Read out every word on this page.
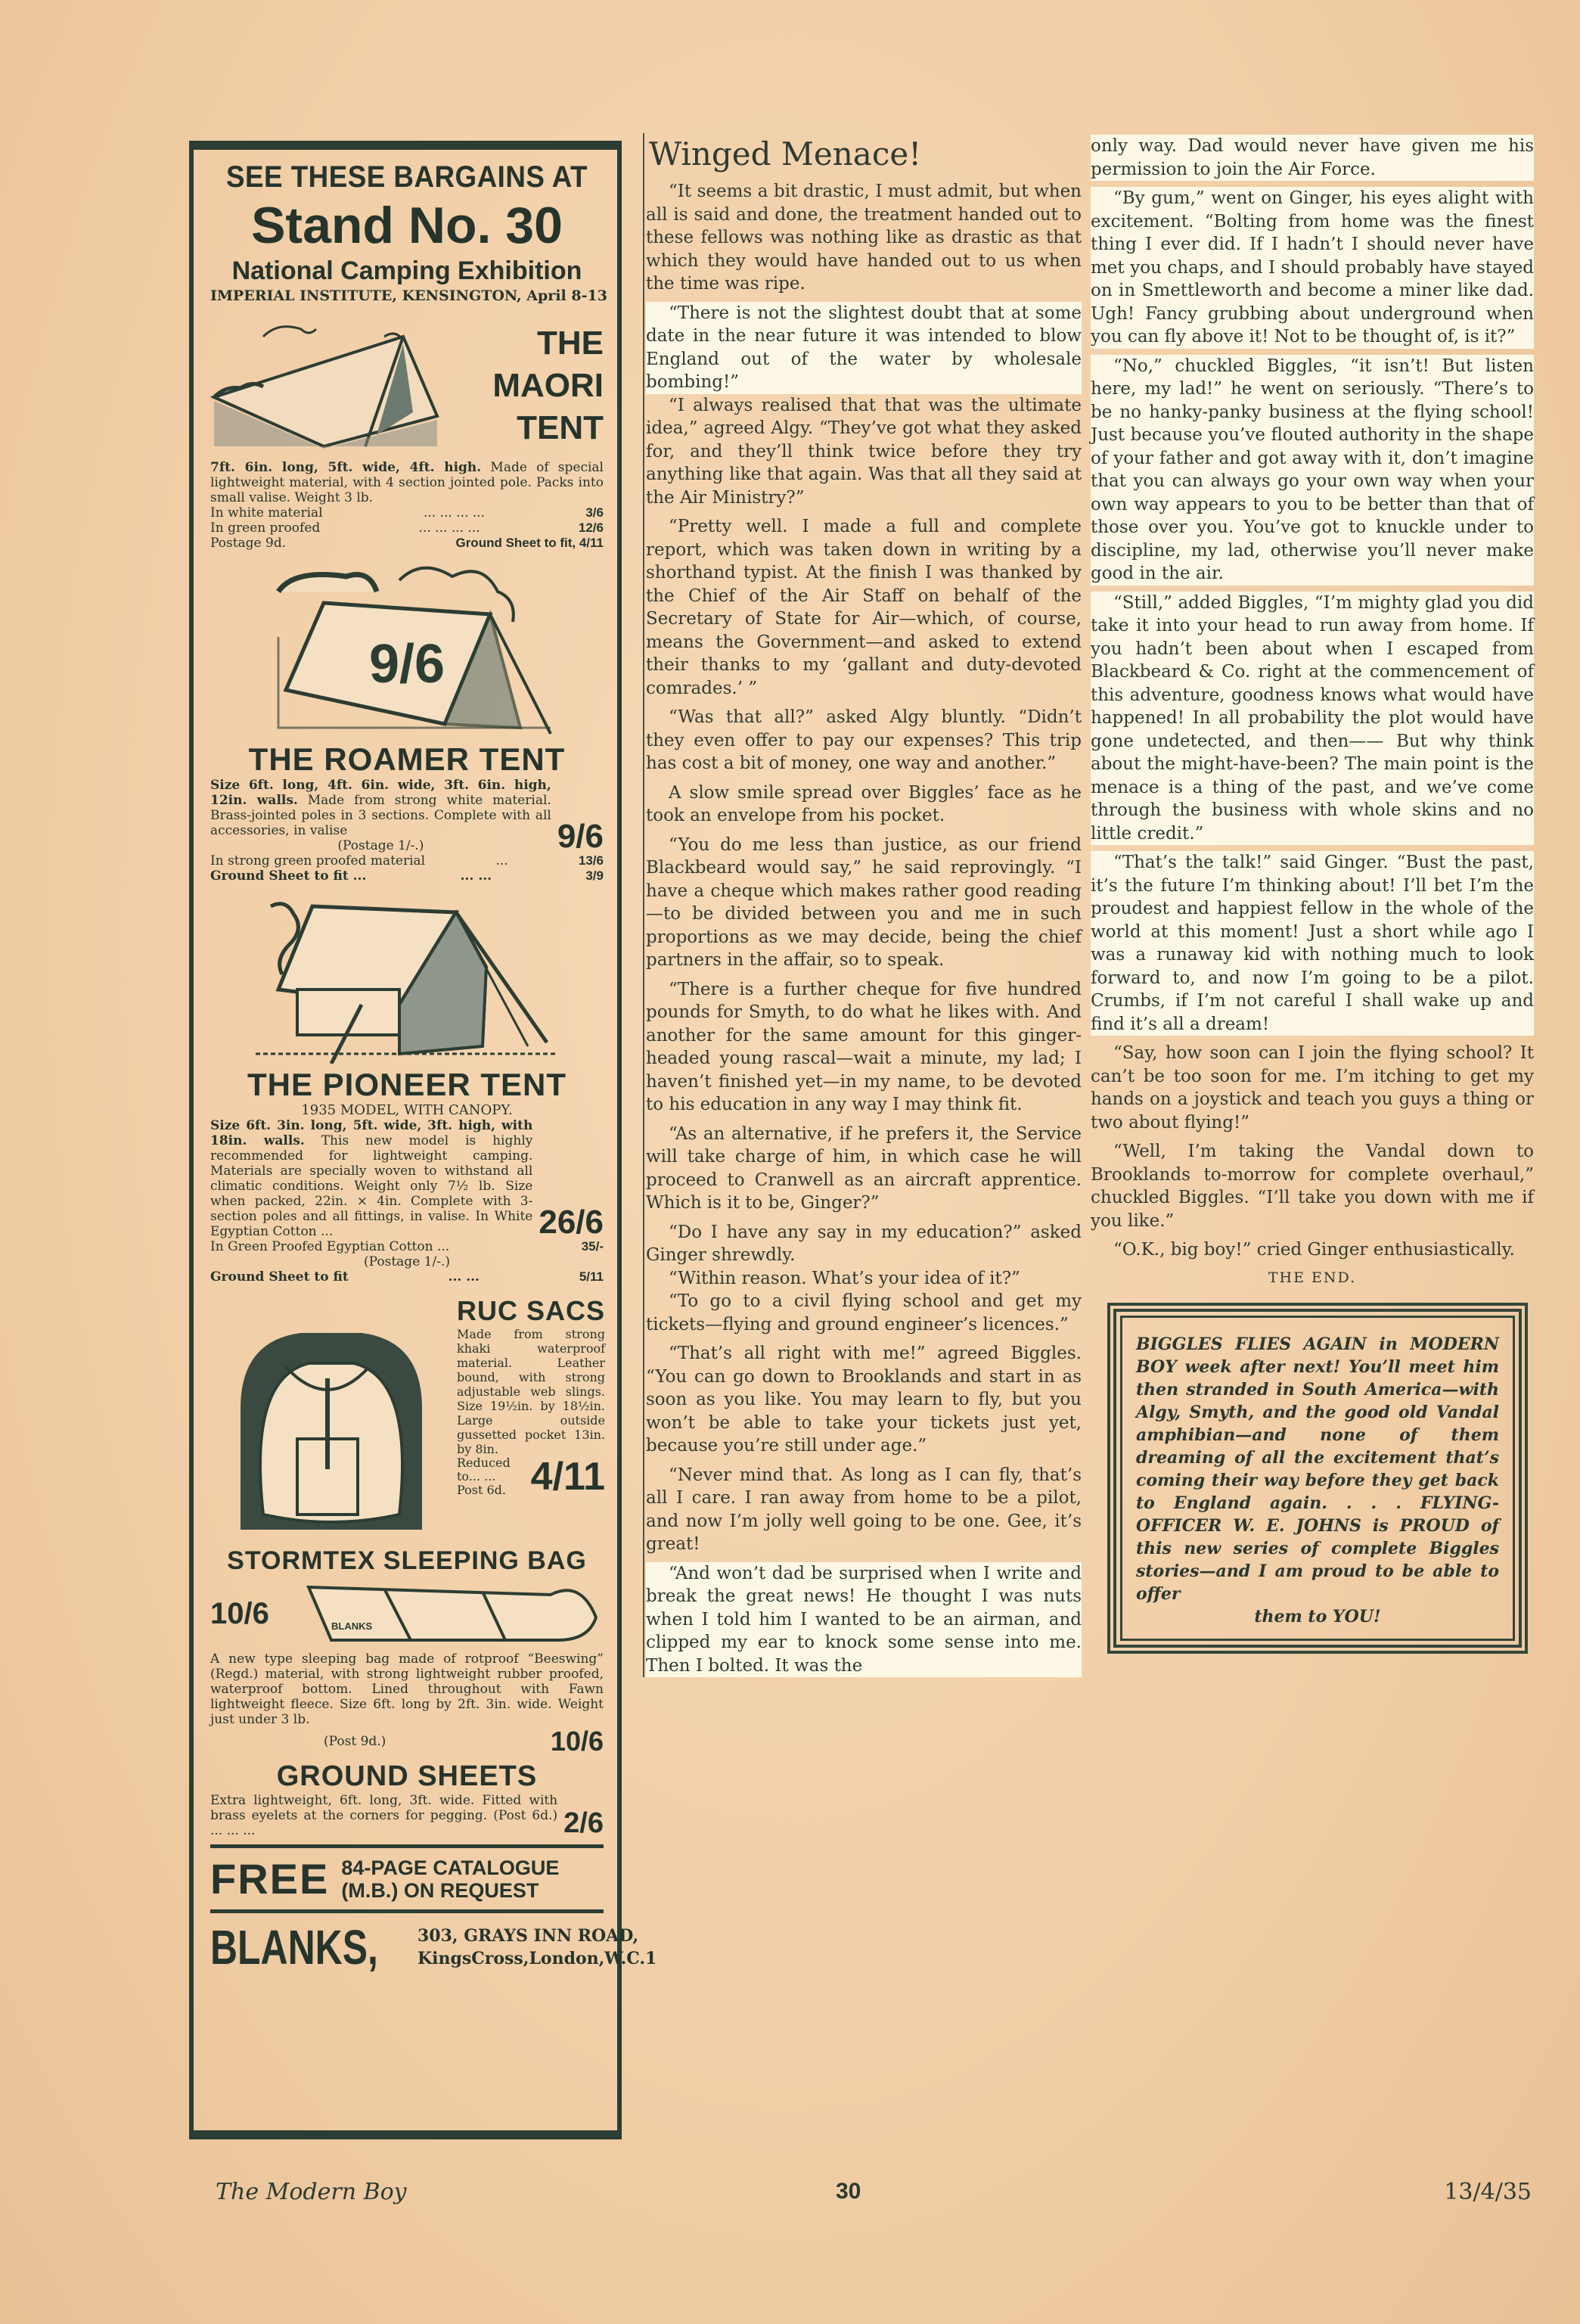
SEE THESE BARGAINS AT
Stand No. 30
National Camping Exhibition
IMPERIAL INSTITUTE, KENSINGTON, April 8-13
THE
MAORI
TENT
7ft. 6in. long, 5ft. wide, 4ft. high. Made of special lightweight material, with 4 section jointed pole. Packs into small valise. Weight 3 lb.
In white material	... ... ... ...	3/6
In green proofed	... ... ... ...	12/6
Postage 9d.	Ground Sheet to fit, 4/11
9/6
THE ROAMER TENT
Size 6ft. long, 4ft. 6in. wide, 3ft. 6in. high, 12in. walls. Made from strong white material. Brass-jointed poles in 3 sections. Complete with all accessories, in valise
(Postage 1/-.)	9/6
In strong green proofed material	...	13/6
Ground Sheet to fit ...	... ...	3/9
THE PIONEER TENT
1935 MODEL, WITH CANOPY.
Size 6ft. 3in. long, 5ft. wide, 3ft. high, with 18in. walls. This new model is highly recommended for lightweight camping. Materials are specially woven to withstand all climatic conditions. Weight only 7½ lb. Size when packed, 22in. × 4in. Complete with 3-section poles and all fittings, in valise. In White Egyptian Cotton ...	26/6
In Green Proofed Egyptian Cotton ...	35/-
(Postage 1/-.)
Ground Sheet to fit	... ...	5/11
RUC SACS
Made from strong khaki waterproof material. Leather bound, with strong adjustable web slings. Size 19½in. by 18½in. Large outside gussetted pocket 13in. by 8in.
Reduced to... ...
Post 6d. 4/11
STORMTEX SLEEPING BAG
10/6	BLANKS
A new type sleeping bag made of rotproof “Beeswing” (Regd.) material, with strong lightweight rubber proofed, waterproof bottom. Lined throughout with Fawn lightweight fleece. Size 6ft. long by 2ft. 3in. wide. Weight just under 3 lb.
(Post 9d.)	10/6
GROUND SHEETS
Extra lightweight, 6ft. long, 3ft. wide. Fitted with brass eyelets at the corners for pegging. (Post 6d.) ... ... ...	2/6
FREE 84-PAGE CATALOGUE
(M.B.) ON REQUEST
BLANKS, 303, GRAYS INN ROAD,
KingsCross,London,W.C.1
Winged Menace!

“It seems a bit drastic, I must admit, but when all is said and done, the treatment handed out to these fellows was nothing like as drastic as that which they would have handed out to us when the time was ripe.

“There is not the slightest doubt that at some date in the near future it was intended to blow England out of the water by wholesale bombing!”

“I always realised that that was the ultimate idea,” agreed Algy. “They’ve got what they asked for, and they’ll think twice before they try anything like that again. Was that all they said at the Air Ministry?”

“Pretty well. I made a full and complete report, which was taken down in writing by a shorthand typist. At the finish I was thanked by the Chief of the Air Staff on behalf of the Secretary of State for Air—which, of course, means the Government—and asked to extend their thanks to my ‘gallant and duty-devoted comrades.’ ”

“Was that all?” asked Algy bluntly. “Didn’t they even offer to pay our expenses? This trip has cost a bit of money, one way and another.”

A slow smile spread over Biggles’ face as he took an envelope from his pocket.

“You do me less than justice, as our friend Blackbeard would say,” he said reprovingly. “I have a cheque which makes rather good reading—to be divided between you and me in such proportions as we may decide, being the chief partners in the affair, so to speak.

“There is a further cheque for five hundred pounds for Smyth, to do what he likes with. And another for the same amount for this ginger-headed young rascal—wait a minute, my lad; I haven’t finished yet—in my name, to be devoted to his education in any way I may think fit.

“As an alternative, if he prefers it, the Service will take charge of him, in which case he will proceed to Cranwell as an aircraft apprentice. Which is it to be, Ginger?”

“Do I have any say in my education?” asked Ginger shrewdly.

“Within reason. What’s your idea of it?”

“To go to a civil flying school and get my tickets—flying and ground engineer’s licences.”

“That’s all right with me!” agreed Biggles. “You can go down to Brooklands and start in as soon as you like. You may learn to fly, but you won’t be able to take your tickets just yet, because you’re still under age.”

“Never mind that. As long as I can fly, that’s all I care. I ran away from home to be a pilot, and now I’m jolly well going to be one. Gee, it’s great!

“And won’t dad be surprised when I write and break the great news! He thought I was nuts when I told him I wanted to be an airman, and clipped my ear to knock some sense into me. Then I bolted. It was the

only way. Dad would never have given me his permission to join the Air Force.

“By gum,” went on Ginger, his eyes alight with excitement. “Bolting from home was the finest thing I ever did. If I hadn’t I should never have met you chaps, and I should probably have stayed on in Smettleworth and become a miner like dad. Ugh! Fancy grubbing about underground when you can fly above it! Not to be thought of, is it?”

“No,” chuckled Biggles, “it isn’t! But listen here, my lad!” he went on seriously. “There’s to be no hanky-panky business at the flying school! Just because you’ve flouted authority in the shape of your father and got away with it, don’t imagine that you can always go your own way when your own way appears to you to be better than that of those over you. You’ve got to knuckle under to discipline, my lad, otherwise you’ll never make good in the air.

“Still,” added Biggles, “I’m mighty glad you did take it into your head to run away from home. If you hadn’t been about when I escaped from Blackbeard & Co. right at the commencement of this adventure, goodness knows what would have happened! In all probability the plot would have gone undetected, and then—— But why think about the might-have-been? The main point is the menace is a thing of the past, and we’ve come through the business with whole skins and no little credit.”

“That’s the talk!” said Ginger. “Bust the past, it’s the future I’m thinking about! I’ll bet I’m the proudest and happiest fellow in the whole of the world at this moment! Just a short while ago I was a runaway kid with nothing much to look forward to, and now I’m going to be a pilot. Crumbs, if I’m not careful I shall wake up and find it’s all a dream!

“Say, how soon can I join the flying school? It can’t be too soon for me. I’m itching to get my hands on a joystick and teach you guys a thing or two about flying!”

“Well, I’m taking the Vandal down to Brooklands to-morrow for complete overhaul,” chuckled Biggles. “I’ll take you down with me if you like.”

“O.K., big boy!” cried Ginger enthusiastically.

THE END.
BIGGLES FLIES AGAIN in MODERN BOY week after next! You’ll meet him then stranded in South America—with Algy, Smyth, and the good old Vandal amphibian—and none of them dreaming of all the excitement that’s coming their way before they get back to England again. . . . FLYING-OFFICER W. E. JOHNS is PROUD of this new series of complete Biggles stories—and I am proud to be able to offer
them to YOU!
The Modern Boy	30	13/4/35
